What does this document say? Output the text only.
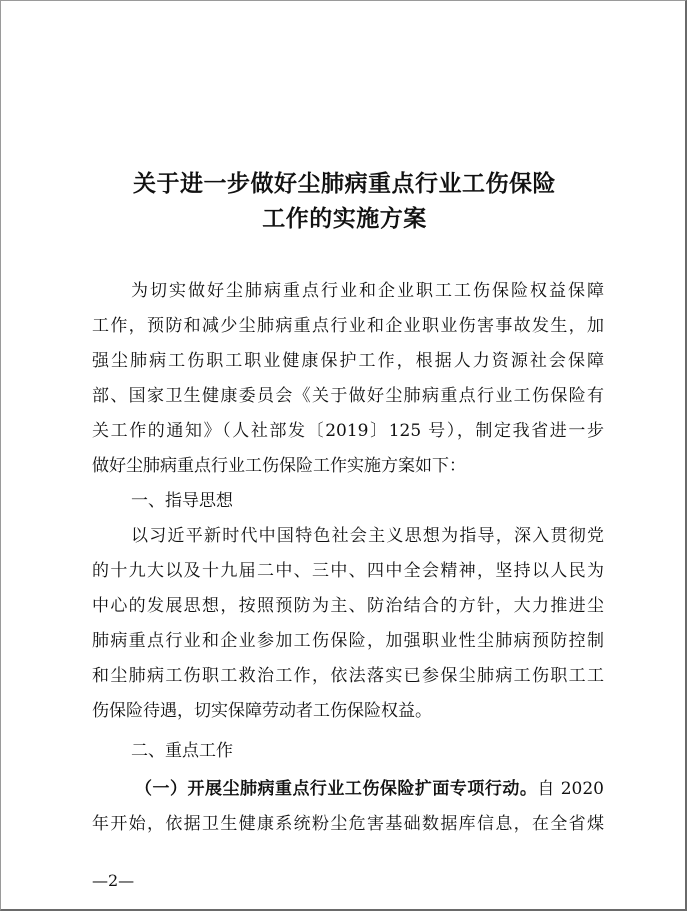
关于进一步做好尘肺病重点行业工伤保险
工作的实施方案
为切实做好尘肺病重点行业和企业职工工伤保险权益保障
工作，预防和减少尘肺病重点行业和企业职业伤害事故发生，加
强尘肺病工伤职工职业健康保护工作，根据人力资源社会保障
部、国家卫生健康委员会《关于做好尘肺病重点行业工伤保险有
关工作的通知》（人社部发〔2019〕125 号），制定我省进一步
做好尘肺病重点行业工伤保险工作实施方案如下：
一、指导思想
以习近平新时代中国特色社会主义思想为指导，深入贯彻党
的十九大以及十九届二中、三中、四中全会精神，坚持以人民为
中心的发展思想，按照预防为主、防治结合的方针，大力推进尘
肺病重点行业和企业参加工伤保险，加强职业性尘肺病预防控制
和尘肺病工伤职工救治工作，依法落实已参保尘肺病工伤职工工
伤保险待遇，切实保障劳动者工伤保险权益。
二、重点工作
（一）开展尘肺病重点行业工伤保险扩面专项行动。自 2020
年开始，依据卫生健康系统粉尘危害基础数据库信息，在全省煤
—2—
